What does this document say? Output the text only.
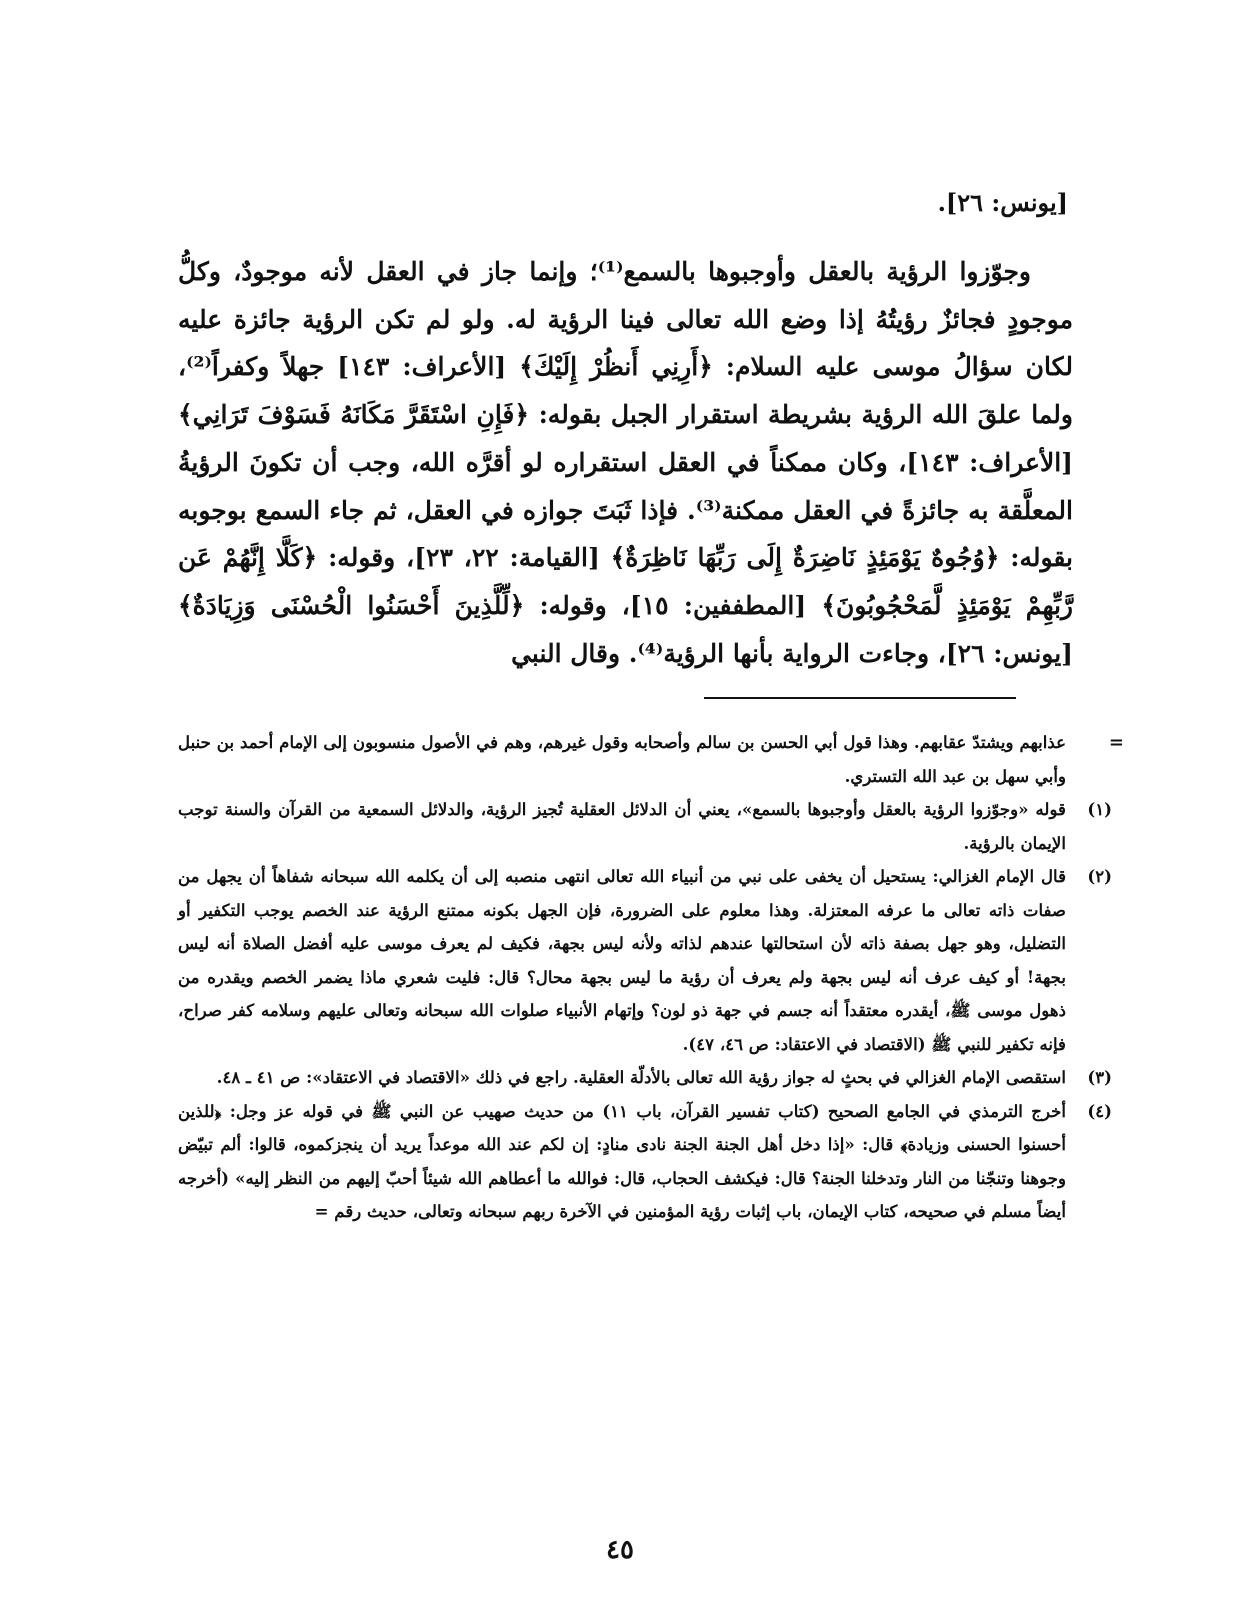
[يونس: ٢٦].

وجوّزوا الرؤية بالعقل وأوجبوها بالسمع⁽¹⁾؛ وإنما جاز في العقل لأنه موجودٌ، وكلُّ موجودٍ فجائزٌ رؤيتُهُ إذا وضع الله تعالى فينا الرؤية له. ولو لم تكن الرؤية جائزة عليه لكان سؤالُ موسى عليه السلام: ﴿أَرِنِي أَنظُرْ إِلَيْكَ﴾ [الأعراف: ١٤٣] جهلاً وكفراً⁽²⁾، ولما علقَ الله الرؤية بشريطة استقرار الجبل بقوله: ﴿فَإِنِ اسْتَقَرَّ مَكَانَهُ فَسَوْفَ تَرَانِي﴾ [الأعراف: ١٤٣]، وكان ممكناً في العقل استقراره لو أقرَّه الله، وجب أن تكونَ الرؤيةُ المعلَّقة به جائزةً في العقل ممكنة⁽³⁾. فإذا ثَبَتَ جوازه في العقل، ثم جاء السمع بوجوبه بقوله: ﴿وُجُوهٌ يَوْمَئِذٍ نَاضِرَةٌ إِلَى رَبِّهَا نَاظِرَةٌ﴾ [القيامة: ٢٢، ٢٣]، وقوله: ﴿كَلَّا إِنَّهُمْ عَن رَّبِّهِمْ يَوْمَئِذٍ لَّمَحْجُوبُونَ﴾ [المطففين: ١٥]، وقوله: ﴿لِّلَّذِينَ أَحْسَنُوا الْحُسْنَى وَزِيَادَةٌ﴾ [يونس: ٢٦]، وجاءت الرواية بأنها الرؤية⁽⁴⁾. وقال النبي

=
عذابهم ويشتدّ عقابهم. وهذا قول أبي الحسن بن سالم وأصحابه وقول غيرهم، وهم في الأصول منسوبون إلى الإمام أحمد بن حنبل وأبي سهل بن عبد الله التستري.
(١)
قوله «وجوّزوا الرؤية بالعقل وأوجبوها بالسمع»، يعني أن الدلائل العقلية تُجيز الرؤية، والدلائل السمعية من القرآن والسنة توجب الإيمان بالرؤية.
(٢)
قال الإمام الغزالي: يستحيل أن يخفى على نبي من أنبياء الله تعالى انتهى منصبه إلى أن يكلمه الله سبحانه شفاهاً أن يجهل من صفات ذاته تعالى ما عرفه المعتزلة. وهذا معلوم على الضرورة، فإن الجهل بكونه ممتنع الرؤية عند الخصم يوجب التكفير أو التضليل، وهو جهل بصفة ذاته لأن استحالتها عندهم لذاته ولأنه ليس بجهة، فكيف لم يعرف موسى عليه أفضل الصلاة أنه ليس بجهة! أو كيف عرف أنه ليس بجهة ولم يعرف أن رؤية ما ليس بجهة محال؟ قال: فليت شعري ماذا يضمر الخصم ويقدره من ذهول موسى ﷺ، أيقدره معتقداً أنه جسم في جهة ذو لون؟ وإتهام الأنبياء صلوات الله سبحانه وتعالى عليهم وسلامه كفر صراح، فإنه تكفير للنبي ﷺ (الاقتصاد في الاعتقاد: ص ٤٦، ٤٧).
(٣)
استقصى الإمام الغزالي في بحثٍ له جواز رؤية الله تعالى بالأدلّة العقلية. راجع في ذلك «الاقتصاد في الاعتقاد»: ص ٤١ ـ ٤٨.
(٤)
أخرج الترمذي في الجامع الصحيح (كتاب تفسير القرآن، باب ١١) من حديث صهيب عن النبي ﷺ في قوله عز وجل: ﴿للذين أحسنوا الحسنى وزيادة﴾ قال: «إذا دخل أهل الجنة الجنة نادى منادٍ: إن لكم عند الله موعداً يريد أن ينجزكموه، قالوا: ألم تبيّض وجوهنا وتنجّنا من النار وتدخلنا الجنة؟ قال: فيكشف الحجاب، قال: فوالله ما أعطاهم الله شيئاً أحبّ إليهم من النظر إليه» (أخرجه أيضاً مسلم في صحيحه، كتاب الإيمان، باب إثبات رؤية المؤمنين في الآخرة ربهم سبحانه وتعالى، حديث رقم =
٤٥
